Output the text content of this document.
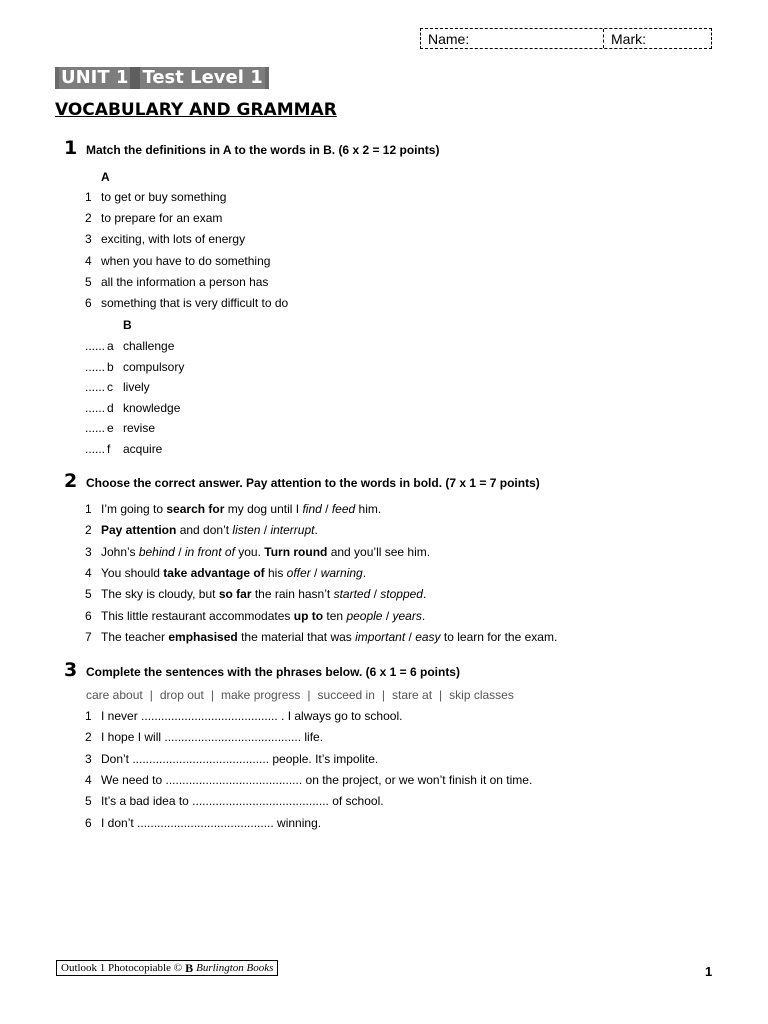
Name:	Mark:
UNIT 1 Test Level 1
VOCABULARY AND GRAMMAR
1 Match the definitions in A to the words in B. (6 x 2 = 12 points)
A
1 to get or buy something
2 to prepare for an exam
3 exciting, with lots of energy
4 when you have to do something
5 all the information a person has
6 something that is very difficult to do
B
...... a challenge
...... b compulsory
...... c lively
...... d knowledge
...... e revise
...... f acquire
2 Choose the correct answer. Pay attention to the words in bold. (7 x 1 = 7 points)
1 I’m going to search for my dog until I find / feed him.
2 Pay attention and don’t listen / interrupt.
3 John’s behind / in front of you. Turn round and you’ll see him.
4 You should take advantage of his offer / warning.
5 The sky is cloudy, but so far the rain hasn’t started / stopped.
6 This little restaurant accommodates up to ten people / years.
7 The teacher emphasised the material that was important / easy to learn for the exam.
3 Complete the sentences with the phrases below. (6 x 1 = 6 points)
care about | drop out | make progress | succeed in | stare at | skip classes
1 I never ......................................... . I always go to school.
2 I hope I will ......................................... life.
3 Don’t ......................................... people. It’s impolite.
4 We need to ......................................... on the project, or we won’t finish it on time.
5 It’s a bad idea to ......................................... of school.
6 I don’t ......................................... winning.
Outlook 1 Photocopiable © B Burlington Books	1
